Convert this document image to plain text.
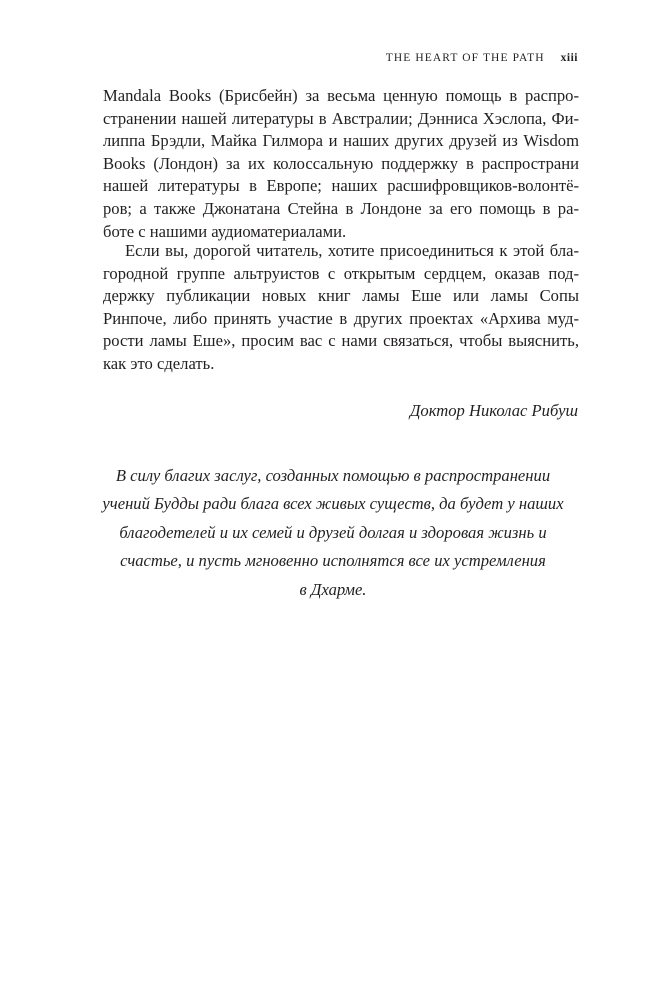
THE HEART OF THE PATH xiii
Mandala Books (Брисбейн) за весьма ценную помощь в распро-
странении нашей литературы в Австралии; Дэнниса Хэслопа, Фи-
липпа Брэдли, Майка Гилмора и наших других друзей из Wisdom
Books (Лондон) за их колоссальную поддержку в распространи
нашей литературы в Европе; наших расшифровщиков-волонтё-
ров; а также Джонатана Стейна в Лондоне за его помощь в ра-
боте с нашими аудиоматериалами.
Если вы, дорогой читатель, хотите присоединиться к этой бла-
городной группе альтруистов с открытым сердцем, оказав под-
держку публикации новых книг ламы Еше или ламы Сопы
Ринпоче, либо принять участие в других проектах «Архива муд-
рости ламы Еше», просим вас с нами связаться, чтобы выяснить,
как это сделать.
Доктор Николас Рибуш
В силу благих заслуг, созданных помощью в распространении
учений Будды ради блага всех живых существ, да будет у наших
благодетелей и их семей и друзей долгая и здоровая жизнь и
счастье, и пусть мгновенно исполнятся все их устремления
в Дхарме.
